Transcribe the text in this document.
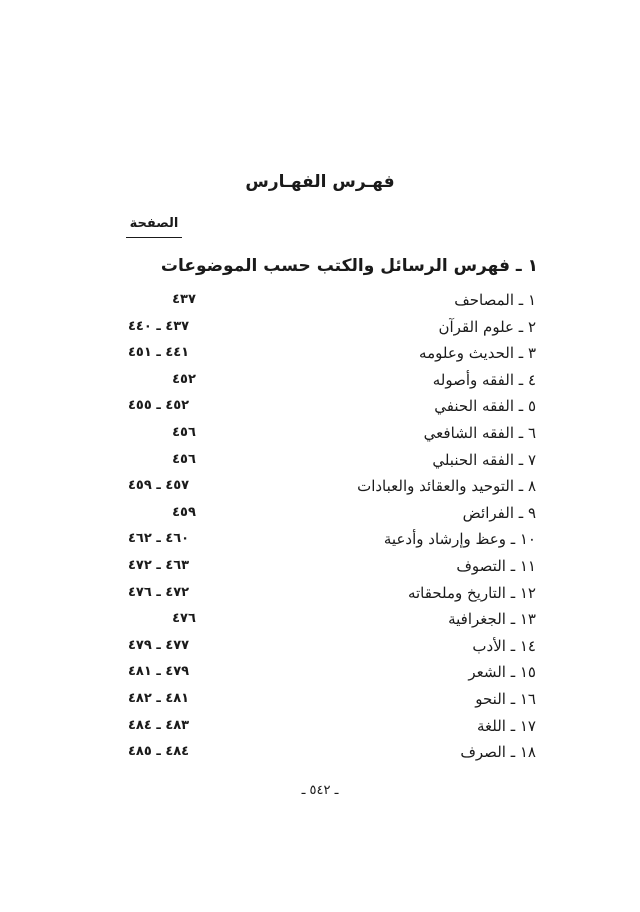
فهـرس الفهـارس
الصفحة
١ ـ فهرس الرسائل والكتب حسب الموضوعات
١ ـ المصاحف
٤٣٧
٢ ـ علوم القرآن
٤٣٧ ـ ٤٤٠
٣ ـ الحديث وعلومه
٤٤١ ـ ٤٥١
٤ ـ الفقه وأصوله
٤٥٢
٥ ـ الفقه الحنفي
٤٥٢ ـ ٤٥٥
٦ ـ الفقه الشافعي
٤٥٦
٧ ـ الفقه الحنبلي
٤٥٦
٨ ـ التوحيد والعقائد والعبادات
٤٥٧ ـ ٤٥٩
٩ ـ الفرائض
٤٥٩
١٠ ـ وعظ وإرشاد وأدعية
٤٦٠ ـ ٤٦٢
١١ ـ التصوف
٤٦٣ ـ ٤٧٢
١٢ ـ التاريخ وملحقاته
٤٧٢ ـ ٤٧٦
١٣ ـ الجغرافية
٤٧٦
١٤ ـ الأدب
٤٧٧ ـ ٤٧٩
١٥ ـ الشعر
٤٧٩ ـ ٤٨١
١٦ ـ النحو
٤٨١ ـ ٤٨٢
١٧ ـ اللغة
٤٨٣ ـ ٤٨٤
١٨ ـ الصرف
٤٨٤ ـ ٤٨٥
ـ ٥٤٢ ـ
